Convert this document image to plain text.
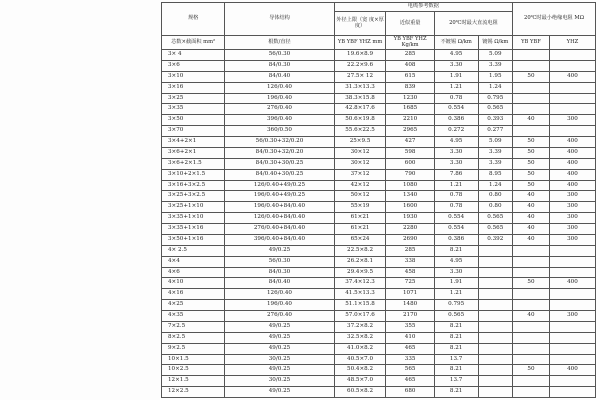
规格	导体结构	电缆参考数据				20℃时最小绝缘电阻 MΩ	
		外径上限（宽 度×厚度）	近似重量	20℃时最大直流电阻			
芯数×截面积 mm²	根数/直径	YB YBF YHZ mm	YB YBF YHZ Kg/km	不镀锡 Ω/km	镀锡 Ω/km	YB YBF	YHZ
3× 4	56/0.30	19.6×8.9	285	4.95	5.09		
3×6	84/0.30	22.2×9.6	408	3.30	3.39		
3×10	84/0.40	27.5× 12	615	1.91	1.95	50	400
3×16	126/0.40	31.3×13.3	839	1.21	1.24		
3×25	196/0.40	38.3×15.8	1230	0.78	0.795		
3×35	276/0.40	42.8×17.6	1685	0.554	0.565		
3×50	396/0.40	50.6×19.8	2210	0.386	0.393	40	300
3×70	360/0.50	55.6×22.5	2965	0.272	0.277		
3×4+2×1	56/0.30+32/0.20	25×9.5	427	4.95	5.09	50	400
3×6+2×1	84/0.30+32/0.20	30×12	598	3.30	3.39	50	400
3×6+2×1.5	84/0.30+30/0.25	30×12	600	3.30	3.39	50	400
3×10+2×1.5	84/0.40+30/0.25	37×12	790	7.86	8.95	50	400
3×16+3×2.5	126/0.40+49/0.25	42×12	1080	1.21	1.24	50	400
3×25+3×2.5	196/0.40+49/0.25	50×12	1340	0.78	0.80	40	300
3×25+1×10	196/0.40+84/0.40	55×19	1600	0.78	0.80	40	300
3×35+1×10	126/0.40+84/0.40	61×21	1930	0.554	0.565	40	300
3×35+1×16	276/0.40+84/0.40	61×21	2280	0.554	0.565	40	300
3×50+1×16	396/0.40+84/0.40	65×24	2690	0.386	0.392	40	300
4× 2.5	49/0.25	22.5×8.2	285	8.21			
4×4	56/0.30	26.2×8.1	338	4.95			
4×6	84/0.30	29.4×9.5	458	3.30			
4×10	84/0.40	37.4×12.3	725	1.91		50	400
4×16	126/0.40	41.5×13.3	1071	1.21			
4×25	196/0.40	51.1×15.8	1480	0.795			
4×35	276/0.40	57.0×17.6	2170	0.565		40	300
7×2.5	49/0.25	37.2×8.2	355	8.21			
8×2.5	49/0.25	32.5×8.2	410	8.21			
9×2.5	49/0.25	41.0×8.2	465	8.21			
10×1.5	30/0.25	40.5×7.0	335	13.7			
10×2.5	49/0.25	50.4×8.2	565	8.21		50	400
12×1.5	30/0.25	48.5×7.0	465	13.7			
12×2.5	49/0.25	60.5×8.2	680	8.21			
